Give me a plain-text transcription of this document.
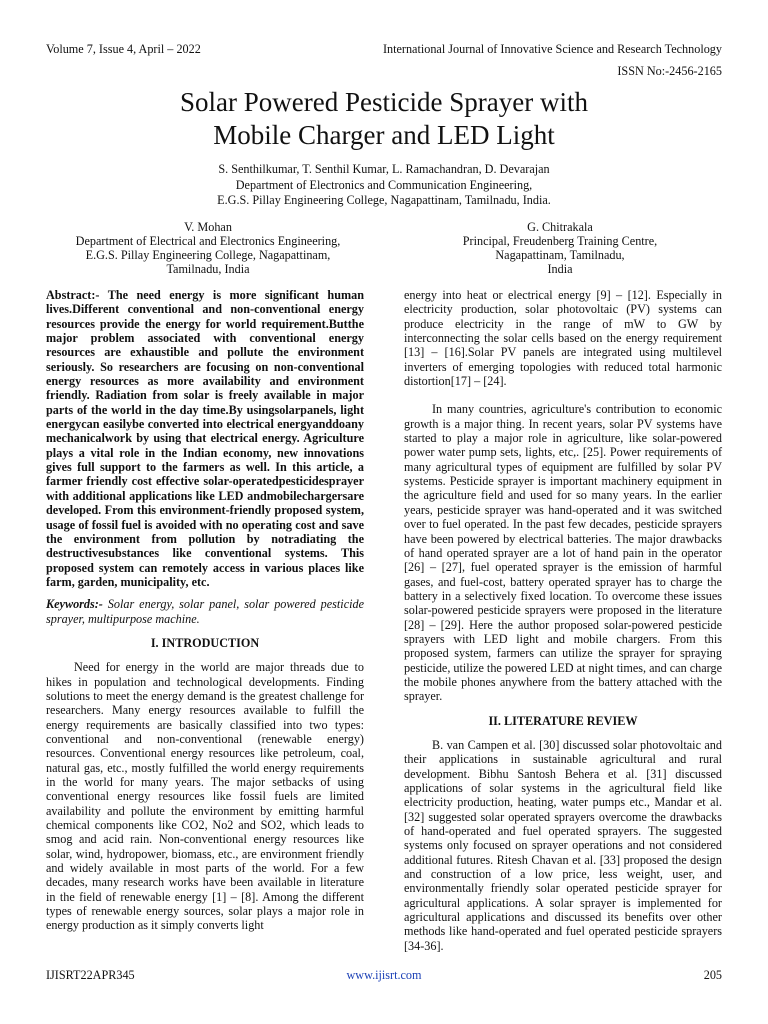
Volume 7, Issue 4, April – 2022	International Journal of Innovative Science and Research Technology
ISSN No:-2456-2165
Solar Powered Pesticide Sprayer with
Mobile Charger and LED Light
S. Senthilkumar, T. Senthil Kumar, L. Ramachandran, D. Devarajan
Department of Electronics and Communication Engineering,
E.G.S. Pillay Engineering College, Nagapattinam, Tamilnadu, India.
V. Mohan
Department of Electrical and Electronics Engineering,
E.G.S. Pillay Engineering College, Nagapattinam,
Tamilnadu, India
G. Chitrakala
Principal, Freudenberg Training Centre,
Nagapattinam, Tamilnadu,
India

Abstract:- The need energy is more significant human lives.Different conventional and non-conventional energy resources provide the energy for world requirement.Butthe major problem associated with conventional energy resources are exhaustible and pollute the environment seriously. So researchers are focusing on non-conventional energy resources as more availability and environment friendly. Radiation from solar is freely available in major parts of the world in the day time.By usingsolarpanels, light energycan easilybe converted into electrical energyanddoany mechanicalwork by using that electrical energy. Agriculture plays a vital role in the Indian economy, new innovations gives full support to the farmers as well. In this article, a farmer friendly cost effective solar-operatedpesticidesprayer with additional applications like LED andmobilechargersare developed. From this environment-friendly proposed system, usage of fossil fuel is avoided with no operating cost and save the environment from pollution by notradiating the destructivesubstances like conventional systems. This proposed system can remotely access in various places like farm, garden, municipality, etc.

Keywords:- Solar energy, solar panel, solar powered pesticide sprayer, multipurpose machine.

I. INTRODUCTION

Need for energy in the world are major threads due to hikes in population and technological developments. Finding solutions to meet the energy demand is the greatest challenge for researchers. Many energy resources available to fulfill the energy requirements are basically classified into two types: conventional and non-conventional (renewable energy) resources. Conventional energy resources like petroleum, coal, natural gas, etc., mostly fulfilled the world energy requirements in the world for many years. The major setbacks of using conventional energy resources like fossil fuels are limited availability and pollute the environment by emitting harmful chemical components like CO2, No2 and SO2, which leads to smog and acid rain. Non-conventional energy resources like solar, wind, hydropower, biomass, etc., are environment friendly and widely available in most parts of the world. For a few decades, many research works have been available in literature in the field of renewable energy [1] – [8]. Among the different types of renewable energy sources, solar plays a major role in energy production as it simply converts light

energy into heat or electrical energy [9] – [12]. Especially in electricity production, solar photovoltaic (PV) systems can produce electricity in the range of mW to GW by interconnecting the solar cells based on the energy requirement [13] – [16].Solar PV panels are integrated using multilevel inverters of emerging topologies with reduced total harmonic distortion[17] – [24].

In many countries, agriculture's contribution to economic growth is a major thing. In recent years, solar PV systems have started to play a major role in agriculture, like solar-powered power water pump sets, lights, etc,. [25]. Power requirements of many agricultural types of equipment are fulfilled by solar PV systems. Pesticide sprayer is important machinery equipment in the agriculture field and used for so many years. In the earlier years, pesticide sprayer was hand-operated and it was switched over to fuel operated. In the past few decades, pesticide sprayers have been powered by electrical batteries. The major drawbacks of hand operated sprayer are a lot of hand pain in the operator [26] – [27], fuel operated sprayer is the emission of harmful gases, and fuel-cost, battery operated sprayer has to charge the battery in a selectively fixed location. To overcome these issues solar-powered pesticide sprayers were proposed in the literature [28] – [29]. Here the author proposed solar-powered pesticide sprayers with LED light and mobile chargers. From this proposed system, farmers can utilize the sprayer for spraying pesticide, utilize the powered LED at night times, and can charge the mobile phones anywhere from the battery attached with the sprayer.

II. LITERATURE REVIEW

B. van Campen et al. [30] discussed solar photovoltaic and their applications in sustainable agricultural and rural development. Bibhu Santosh Behera et al. [31] discussed applications of solar systems in the agricultural field like electricity production, heating, water pumps etc., Mandar et al. [32] suggested solar operated sprayers overcome the drawbacks of hand-operated and fuel operated sprayers. The suggested systems only focused on sprayer operations and not considered additional futures. Ritesh Chavan et al. [33] proposed the design and construction of a low price, less weight, user, and environmentally friendly solar operated pesticide sprayer for agricultural applications. A solar sprayer is implemented for agricultural applications and discussed its benefits over other methods like hand-operated and fuel operated pesticide sprayers [34-36].

IJISRT22APR345	www.ijisrt.com	205
